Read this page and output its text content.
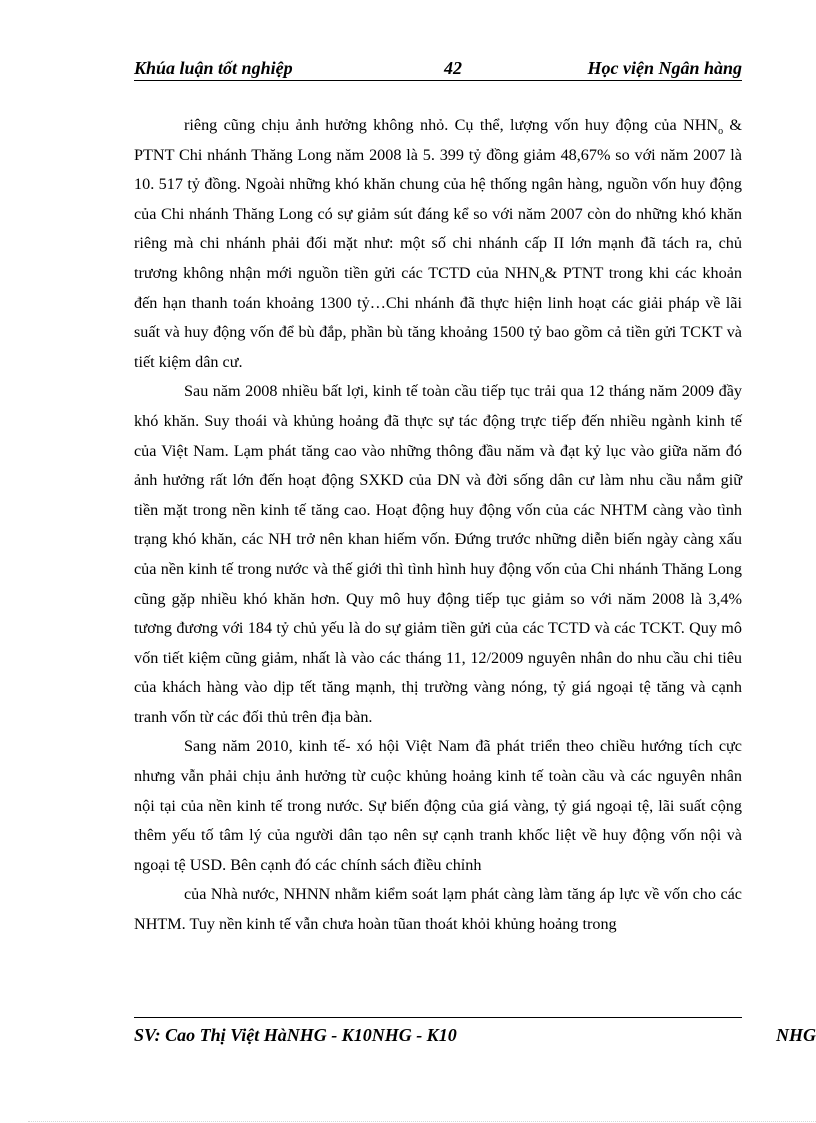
Khúa luận tốt nghiệp	42	Học viện Ngân hàng

riêng cũng chịu ảnh hưởng không nhỏ. Cụ thể, lượng vốn huy động của $NHN_o$ & PTNT Chi nhánh Thăng Long năm 2008 là 5. 399 tỷ đồng giảm 48,67% so với năm 2007 là 10. 517 tỷ đồng. Ngoài những khó khăn chung của hệ thống ngân hàng, nguồn vốn huy động của Chi nhánh Thăng Long có sự giảm sút đáng kể so với năm 2007 còn do những khó khăn riêng mà chi nhánh phải đối mặt như: một số chi nhánh cấp II lớn mạnh đã tách ra, chủ trương không nhận mới nguồn tiền gửi các TCTD của $NHN_o\&$ PTNT trong khi các khoản đến hạn thanh toán khoảng 1300 tỷ…Chi nhánh đã thực hiện linh hoạt các giải pháp về lãi suất và huy động vốn để bù đắp, phần bù tăng khoảng 1500 tỷ bao gồm cả tiền gửi TCKT và tiết kiệm dân cư.

Sau năm 2008 nhiều bất lợi, kinh tế toàn cầu tiếp tục trải qua 12 tháng năm 2009 đầy khó khăn. Suy thoái và khủng hoảng đã thực sự tác động trực tiếp đến nhiều ngành kinh tế của Việt Nam. Lạm phát tăng cao vào những thông đầu năm và đạt kỷ lục vào giữa năm đó ảnh hưởng rất lớn đến hoạt động SXKD của DN và đời sống dân cư làm nhu cầu nắm giữ tiền mặt trong nền kinh tế tăng cao. Hoạt động huy động vốn của các NHTM càng vào tình trạng khó khăn, các NH trở nên khan hiếm vốn. Đứng trước những diễn biến ngày càng xấu của nền kinh tế trong nước và thế giới thì tình hình huy động vốn của Chi nhánh Thăng Long cũng gặp nhiều khó khăn hơn. Quy mô huy động tiếp tục giảm so với năm 2008 là 3,4% tương đương với 184 tỷ chủ yếu là do sự giảm tiền gửi của các TCTD và các TCKT. Quy mô vốn tiết kiệm cũng giảm, nhất là vào các tháng 11, 12/2009 nguyên nhân do nhu cầu chi tiêu của khách hàng vào dịp tết tăng mạnh, thị trường vàng nóng, tỷ giá ngoại tệ tăng và cạnh tranh vốn từ các đối thủ trên địa bàn.

Sang năm 2010, kinh tế- xó hội Việt Nam đã phát triển theo chiều hướng tích cực nhưng vẫn phải chịu ảnh hưởng từ cuộc khủng hoảng kinh tế toàn cầu và các nguyên nhân nội tại của nền kinh tế trong nước. Sự biến động của giá vàng, tỷ giá ngoại tệ, lãi suất cộng thêm yếu tố tâm lý của người dân tạo nên sự cạnh tranh khốc liệt về huy động vốn nội và ngoại tệ USD. Bên cạnh đó các chính sách điều chỉnh

của Nhà nước, NHNN nhằm kiểm soát lạm phát càng làm tăng áp lực về vốn cho các NHTM. Tuy nền kinh tế vẫn chưa hoàn tũan thoát khỏi khủng hoảng trong

SV: Cao Thị Việt HàNHG - K10NHG - K10	NHG
